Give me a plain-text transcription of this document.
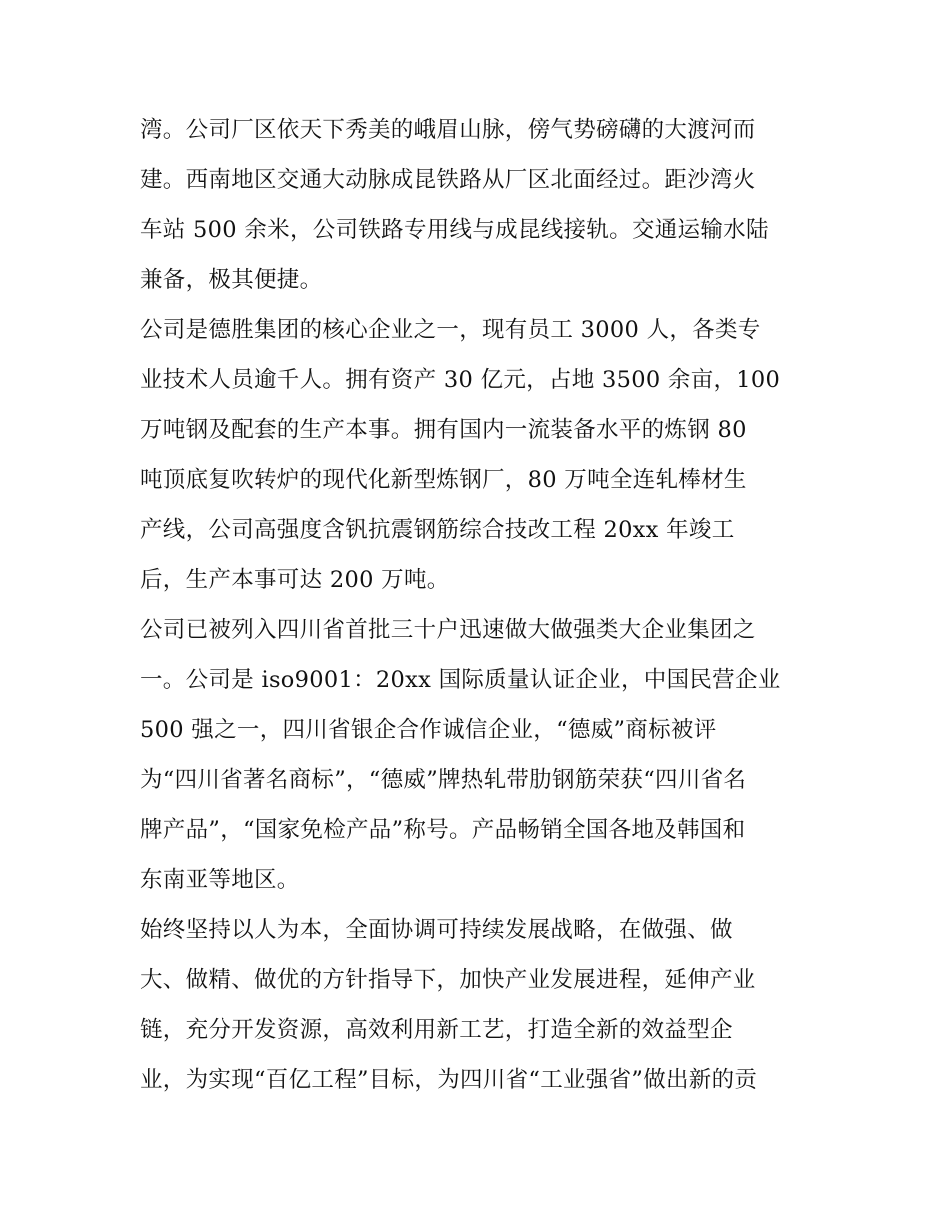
湾。公司厂区依天下秀美的峨眉山脉，傍气势磅礴的大渡河而
建。西南地区交通大动脉成昆铁路从厂区北面经过。距沙湾火
车站 500 余米，公司铁路专用线与成昆线接轨。交通运输水陆
兼备，极其便捷。
公司是德胜集团的核心企业之一，现有员工 3000 人，各类专
业技术人员逾千人。拥有资产 30 亿元，占地 3500 余亩，100
万吨钢及配套的生产本事。拥有国内一流装备水平的炼钢 80
吨顶底复吹转炉的现代化新型炼钢厂，80 万吨全连轧棒材生
产线，公司高强度含钒抗震钢筋综合技改工程 20xx 年竣工
后，生产本事可达 200 万吨。
公司已被列入四川省首批三十户迅速做大做强类大企业集团之
一。公司是 iso9001：20xx 国际质量认证企业，中国民营企业
500 强之一，四川省银企合作诚信企业，“德威”商标被评
为“四川省著名商标”，“德威”牌热轧带肋钢筋荣获“四川省名
牌产品”，“国家免检产品”称号。产品畅销全国各地及韩国和
东南亚等地区。
始终坚持以人为本，全面协调可持续发展战略，在做强、做
大、做精、做优的方针指导下，加快产业发展进程，延伸产业
链，充分开发资源，高效利用新工艺，打造全新的效益型企
业，为实现“百亿工程”目标，为四川省“工业强省”做出新的贡
